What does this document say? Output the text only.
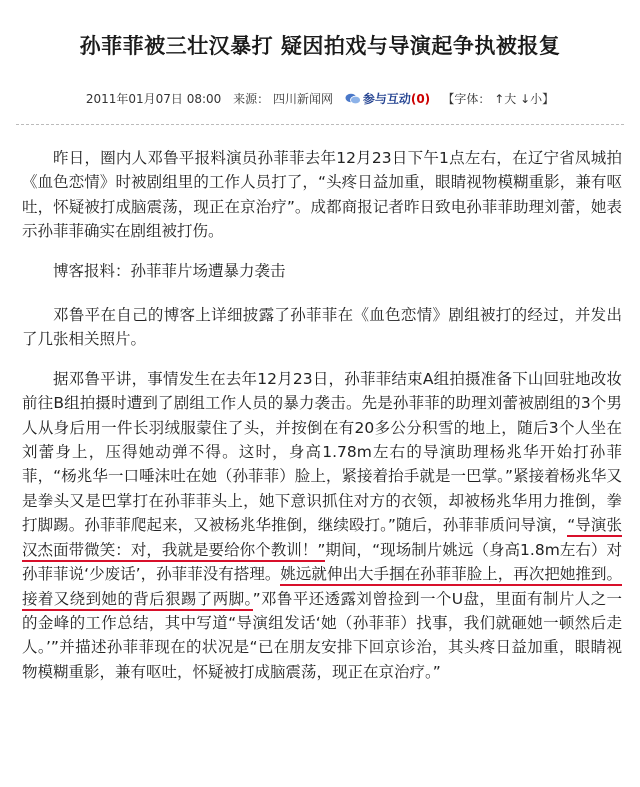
孙菲菲被三壮汉暴打 疑因拍戏与导演起争执被报复
2011年01月07日 08:00 来源： 四川新闻网 参与互动(0) 【字体： ↑大 ↓小】

昨日，圈内人邓鲁平报料演员孙菲菲去年12月23日下午1点左右，在辽宁省凤城拍《血色恋情》时被剧组里的工作人员打了，“头疼日益加重，眼睛视物模糊重影，兼有呕吐，怀疑被打成脑震荡，现正在京治疗”。成都商报记者昨日致电孙菲菲助理刘蕾，她表示孙菲菲确实在剧组被打伤。

博客报料：孙菲菲片场遭暴力袭击

邓鲁平在自己的博客上详细披露了孙菲菲在《血色恋情》剧组被打的经过，并发出了几张相关照片。

据邓鲁平讲，事情发生在去年12月23日，孙菲菲结束A组拍摄准备下山回驻地改妆前往B组拍摄时遭到了剧组工作人员的暴力袭击。先是孙菲菲的助理刘蕾被剧组的3个男人从身后用一件长羽绒服蒙住了头，并按倒在有20多公分积雪的地上，随后3个人坐在刘蕾身上，压得她动弹不得。这时，身高1.78m左右的导演助理杨兆华开始打孙菲菲，“杨兆华一口唾沫吐在她（孙菲菲）脸上，紧接着抬手就是一巴掌。”紧接着杨兆华又是拳头又是巴掌打在孙菲菲头上，她下意识抓住对方的衣领，却被杨兆华用力推倒，拳打脚踢。孙菲菲爬起来，又被杨兆华推倒，继续殴打。”随后，孙菲菲质问导演，“导演张汉杰面带微笑：对，我就是要给你个教训！”期间，“现场制片姚远（身高1.8m左右）对孙菲菲说‘少废话’，孙菲菲没有搭理。姚远就伸出大手掴在孙菲菲脸上，再次把她推到。接着又绕到她的背后狠踢了两脚。”邓鲁平还透露刘曾捡到一个U盘，里面有制片人之一的金峰的工作总结，其中写道“导演组发话‘她（孙菲菲）找事，我们就砸她一顿然后走人。’”并描述孙菲菲现在的状况是“已在朋友安排下回京诊治，其头疼日益加重，眼睛视物模糊重影，兼有呕吐，怀疑被打成脑震荡，现正在京治疗。”
